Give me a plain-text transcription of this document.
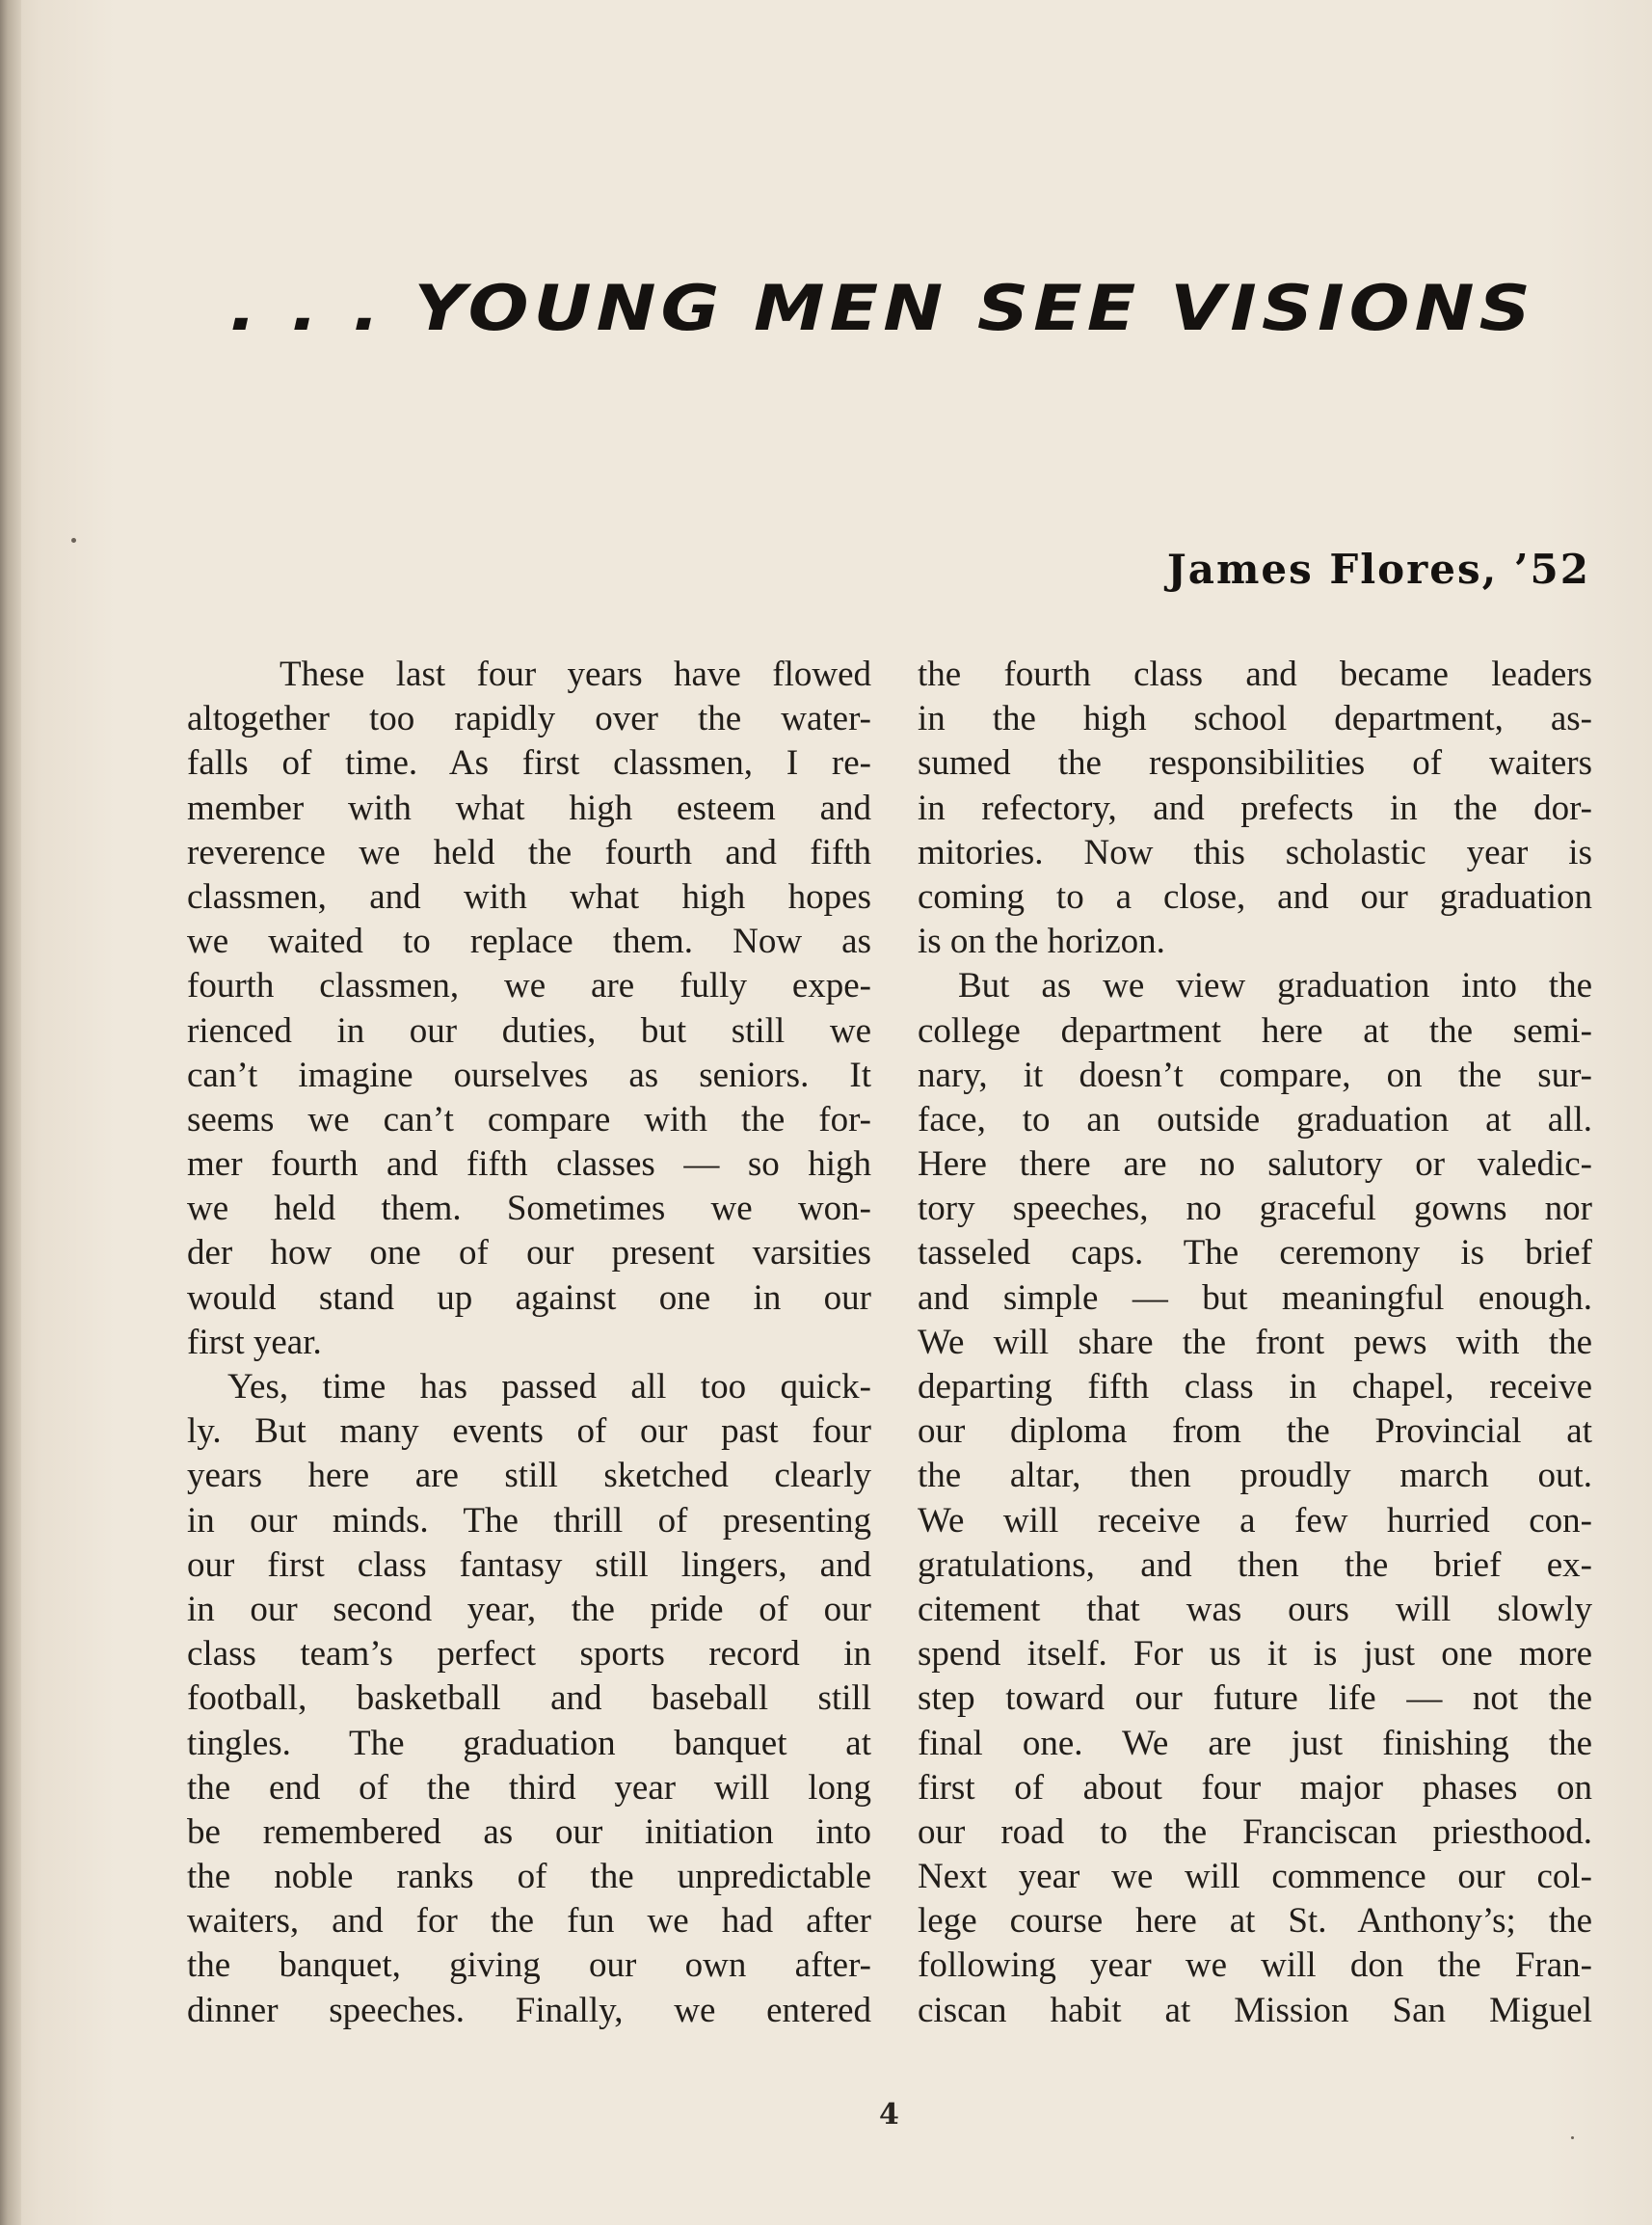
. . . YOUNG MEN SEE VISIONS
James Flores, ’52
These last four years have flowed
altogether too rapidly over the water-
falls of time. As first classmen, I re-
member with what high esteem and
reverence we held the fourth and fifth
classmen, and with what high hopes
we waited to replace them. Now as
fourth classmen, we are fully expe-
rienced in our duties, but still we
can’t imagine ourselves as seniors. It
seems we can’t compare with the for-
mer fourth and fifth classes — so high
we held them. Sometimes we won-
der how one of our present varsities
would stand up against one in our
first year.
Yes, time has passed all too quick-
ly. But many events of our past four
years here are still sketched clearly
in our minds. The thrill of presenting
our first class fantasy still lingers, and
in our second year, the pride of our
class team’s perfect sports record in
football, basketball and baseball still
tingles. The graduation banquet at
the end of the third year will long
be remembered as our initiation into
the noble ranks of the unpredictable
waiters, and for the fun we had after
the banquet, giving our own after-
dinner speeches. Finally, we entered
the fourth class and became leaders
in the high school department, as-
sumed the responsibilities of waiters
in refectory, and prefects in the dor-
mitories. Now this scholastic year is
coming to a close, and our graduation
is on the horizon.
But as we view graduation into the
college department here at the semi-
nary, it doesn’t compare, on the sur-
face, to an outside graduation at all.
Here there are no salutory or valedic-
tory speeches, no graceful gowns nor
tasseled caps. The ceremony is brief
and simple — but meaningful enough.
We will share the front pews with the
departing fifth class in chapel, receive
our diploma from the Provincial at
the altar, then proudly march out.
We will receive a few hurried con-
gratulations, and then the brief ex-
citement that was ours will slowly
spend itself. For us it is just one more
step toward our future life — not the
final one. We are just finishing the
first of about four major phases on
our road to the Franciscan priesthood.
Next year we will commence our col-
lege course here at St. Anthony’s; the
following year we will don the Fran-
ciscan habit at Mission San Miguel
4
